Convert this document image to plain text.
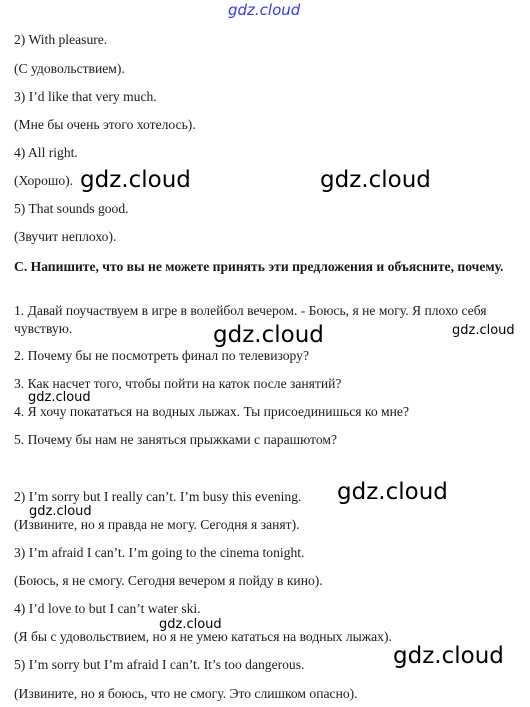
2) With pleasure.
(С удовольствием).
3) I’d like that very much.
(Мне бы очень этого хотелось).
4) All right.
(Хорошо).
5) That sounds good.
(Звучит неплохо).
C. Напишите, что вы не можете принять эти предложения и объясните, почему.
1. Давай поучаствуем в игре в волейбол вечером. - Боюсь, я не могу. Я плохо себя чувствую.
2. Почему бы не посмотреть финал по телевизору?
3. Как насчет того, чтобы пойти на каток после занятий?
4. Я хочу покататься на водных лыжах. Ты присоединишься ко мне?
5. Почему бы нам не заняться прыжками с парашютом?
2) I’m sorry but I really can’t. I’m busy this evening.
(Извините, но я правда не могу. Сегодня я занят).
3) I’m afraid I can’t. I’m going to the cinema tonight.
(Боюсь, я не смогу. Сегодня вечером я пойду в кино).
4) I’d love to but I can’t water ski.
(Я бы с удовольствием, но я не умею кататься на водных лыжах).
5) I’m sorry but I’m afraid I can’t. It’s too dangerous.
(Извините, но я боюсь, что не смогу. Это слишком опасно).
gdz.cloud
gdz.cloud	gdz.cloud
gdz.cloud	gdz.cloud
gdz.cloud
gdz.cloud
gdz.cloud
gdz.cloud
gdz.cloud
